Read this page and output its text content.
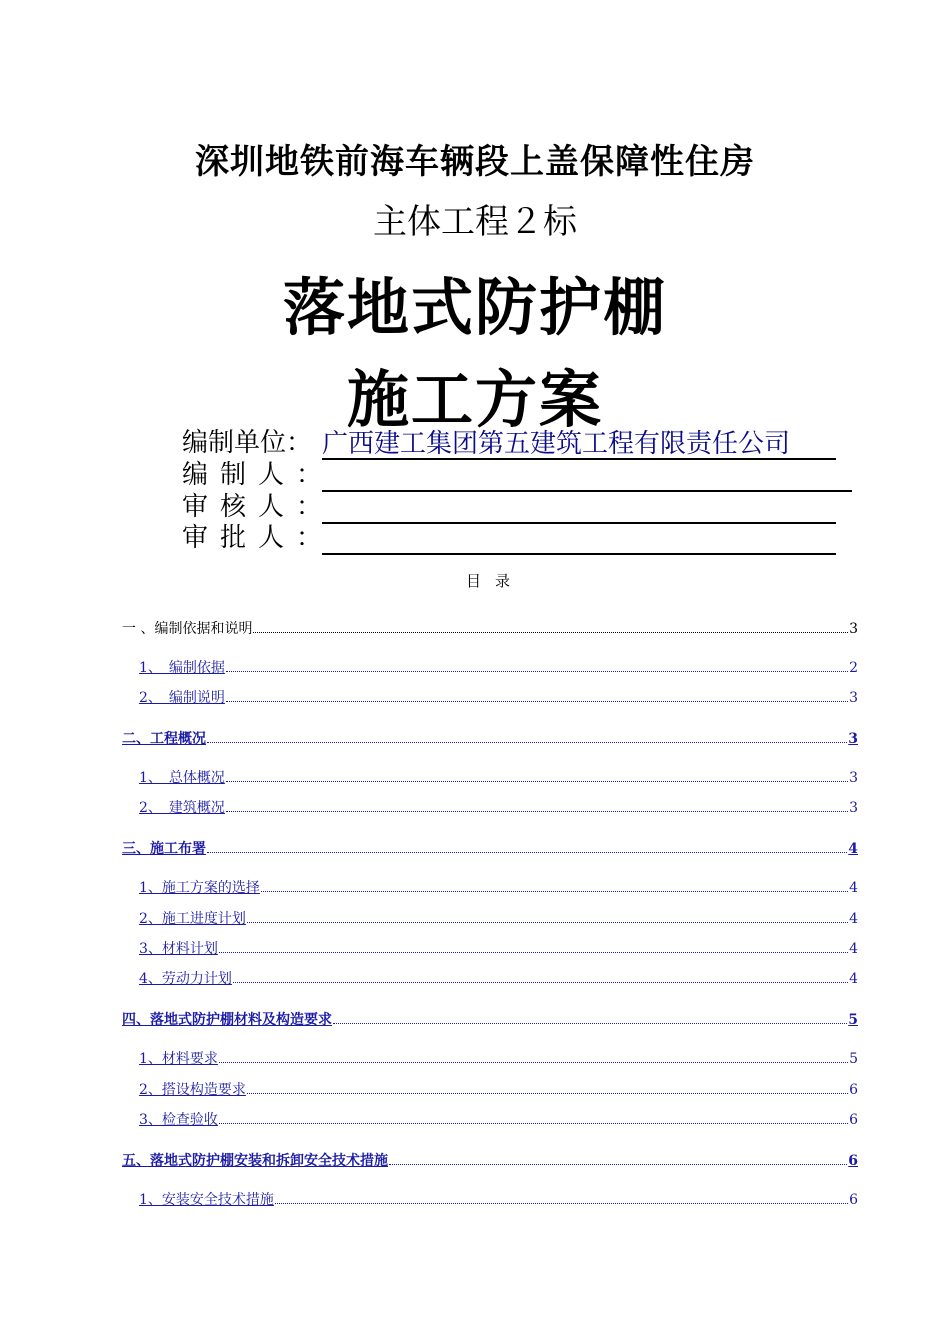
深圳地铁前海车辆段上盖保障性住房
主体工程２标
落地式防护棚
施工方案
编制单位： 广西建工集团第五建筑工程有限责任公司
编制人：
审核人：
审批人：
目录
一 、编制依据和说明	3
1、　编制依据	2
2、　编制说明	3
二、工程概况	3
1、　总体概况	3
2、　建筑概况	3
三、施工布署	4
1、施工方案的选择	4
2、施工进度计划	4
3、材料计划	4
4、劳动力计划	4
四、落地式防护棚材料及构造要求	5
1、材料要求	5
2、搭设构造要求	6
3、检查验收	6
五、落地式防护棚安装和拆卸安全技术措施	6
1、安装安全技术措施	6
